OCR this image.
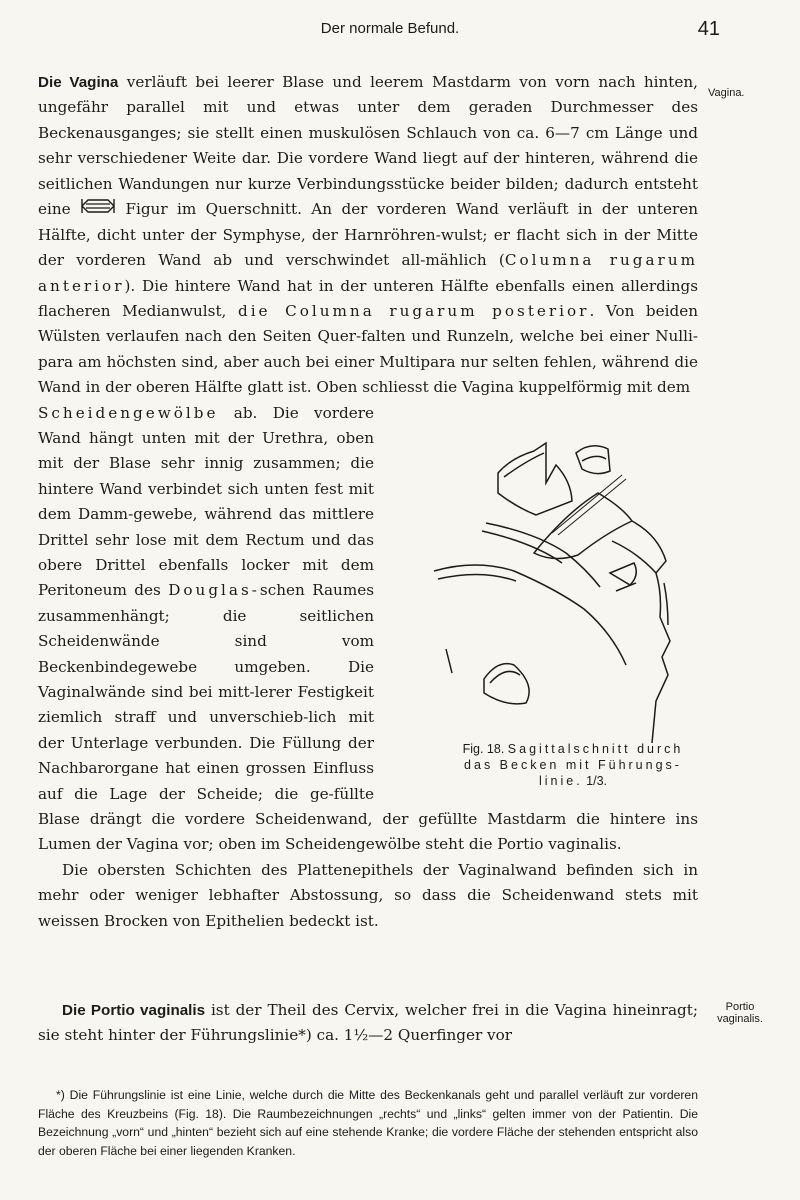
Der normale Befund.	41
Vagina.

Die Vagina verläuft bei leerer Blase und leerem Mastdarm von vorn nach hinten, ungefähr parallel mit und etwas unter dem geraden Durchmesser des Beckenausganges; sie stellt einen muskulösen Schlauch von ca. 6—7 cm Länge und sehr verschiedener Weite dar. Die vordere Wand liegt auf der hinteren, während die seitlichen Wandungen nur kurze Verbindungsstücke beider bilden; dadurch entsteht eine  Figur im Querschnitt. An der vorderen Wand verläuft in der unteren Hälfte, dicht unter der Symphyse, der Harnröhren-wulst; er flacht sich in der Mitte der vorderen Wand ab und verschwindet all-mählich (Columna rugarum anterior). Die hintere Wand hat in der unteren Hälfte ebenfalls einen allerdings flacheren Medianwulst, die Columna rugarum posterior. Von beiden Wülsten verlaufen nach den Seiten Quer-falten und Runzeln, welche bei einer Nulli-para am höchsten sind, aber auch bei einer Multipara nur selten fehlen, während die Wand in der oberen Hälfte glatt ist. Oben schliesst die Vagina kuppelförmig mit dem

Fig. 18. Sagittalschnitt durch das Becken mit Führungs-linie. 1/3.
Scheidengewölbe ab. Die vordere Wand hängt unten mit der Urethra, oben mit der Blase sehr innig zusammen; die hintere Wand verbindet sich unten fest mit dem Damm-gewebe, während das mittlere Drittel sehr lose mit dem Rectum und das obere Drittel ebenfalls locker mit dem Peritoneum des Douglas-schen Raumes zusammenhängt; die seitlichen Scheidenwände sind vom Beckenbindegewebe umgeben. Die Vaginalwände sind bei mitt-lerer Festigkeit ziemlich straff und unverschieb-lich mit der Unterlage verbunden. Die Füllung der Nachbarorgane hat einen grossen Einfluss auf die Lage der Scheide; die ge-füllte Blase drängt die vordere Scheidenwand, der gefüllte Mastdarm die hintere ins Lumen der Vagina vor; oben im Scheidengewölbe steht die Portio vaginalis.

Die obersten Schichten des Plattenepithels der Vaginalwand befinden sich in mehr oder weniger lebhafter Abstossung, so dass die Scheidenwand stets mit weissen Brocken von Epithelien bedeckt ist.

Portio
vaginalis.

Die Portio vaginalis ist der Theil des Cervix, welcher frei in die Vagina hineinragt; sie steht hinter der Führungslinie*) ca. 1½—2 Querfinger vor

*) Die Führungslinie ist eine Linie, welche durch die Mitte des Beckenkanals geht und parallel verläuft zur vorderen Fläche des Kreuzbeins (Fig. 18). Die Raumbezeichnungen „rechts“ und „links“ gelten immer von der Patientin. Die Bezeichnung „vorn“ und „hinten“ bezieht sich auf eine stehende Kranke; die vordere Fläche der stehenden entspricht also der oberen Fläche bei einer liegenden Kranken.
